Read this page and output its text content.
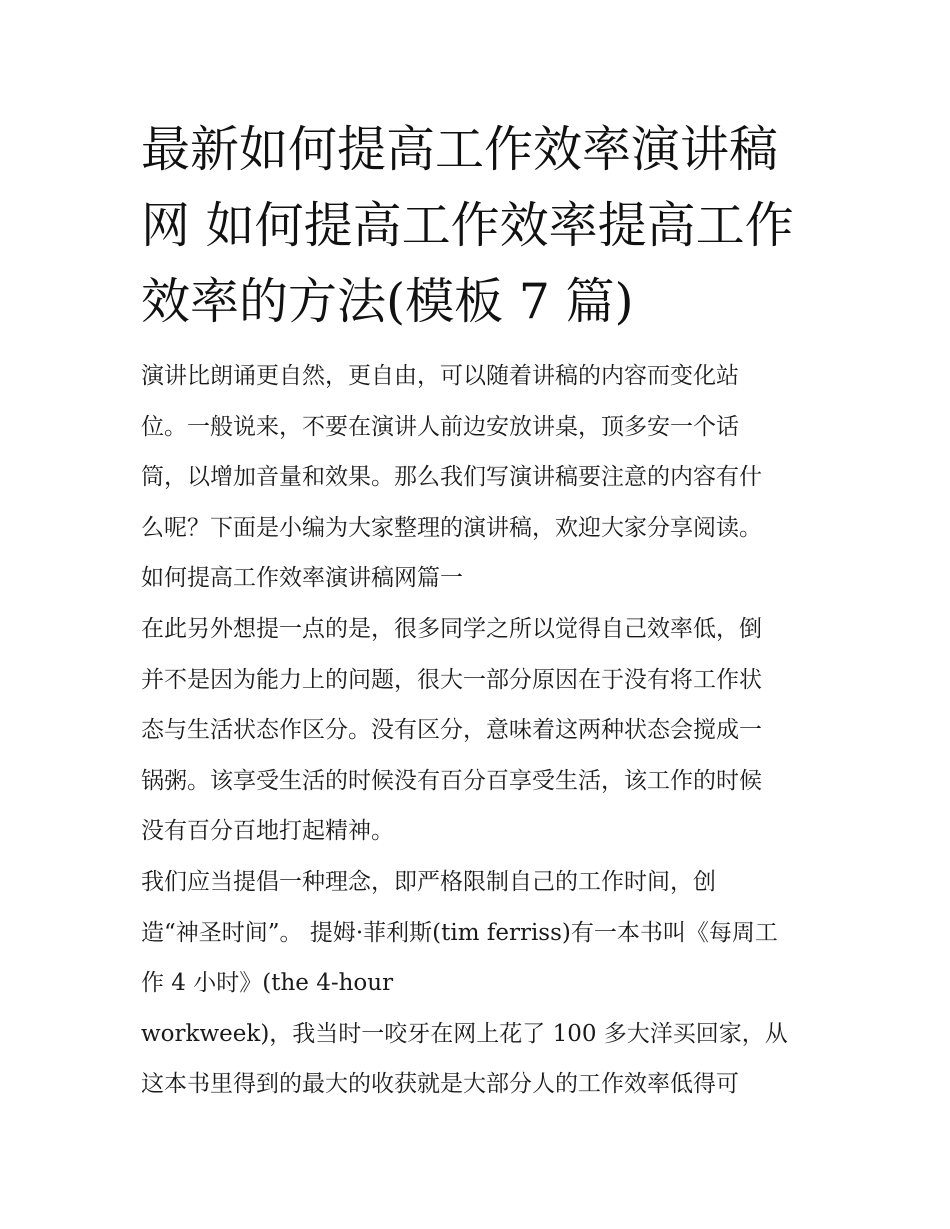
最新如何提高工作效率演讲稿
网 如何提高工作效率提高工作
效率的方法(模板 7 篇)
演讲比朗诵更自然，更自由，可以随着讲稿的内容而变化站
位。一般说来，不要在演讲人前边安放讲桌，顶多安一个话
筒，以增加音量和效果。那么我们写演讲稿要注意的内容有什
么呢？下面是小编为大家整理的演讲稿，欢迎大家分享阅读。
如何提高工作效率演讲稿网篇一
在此另外想提一点的是，很多同学之所以觉得自己效率低，倒
并不是因为能力上的问题，很大一部分原因在于没有将工作状
态与生活状态作区分。没有区分，意味着这两种状态会搅成一
锅粥。该享受生活的时候没有百分百享受生活，该工作的时候
没有百分百地打起精神。
我们应当提倡一种理念，即严格限制自己的工作时间，创
造“神圣时间”。 提姆·菲利斯(tim ferriss)有一本书叫《每周工
作 4 小时》(the 4-hour
workweek)，我当时一咬牙在网上花了 100 多大洋买回家，从
这本书里得到的最大的收获就是大部分人的工作效率低得可
